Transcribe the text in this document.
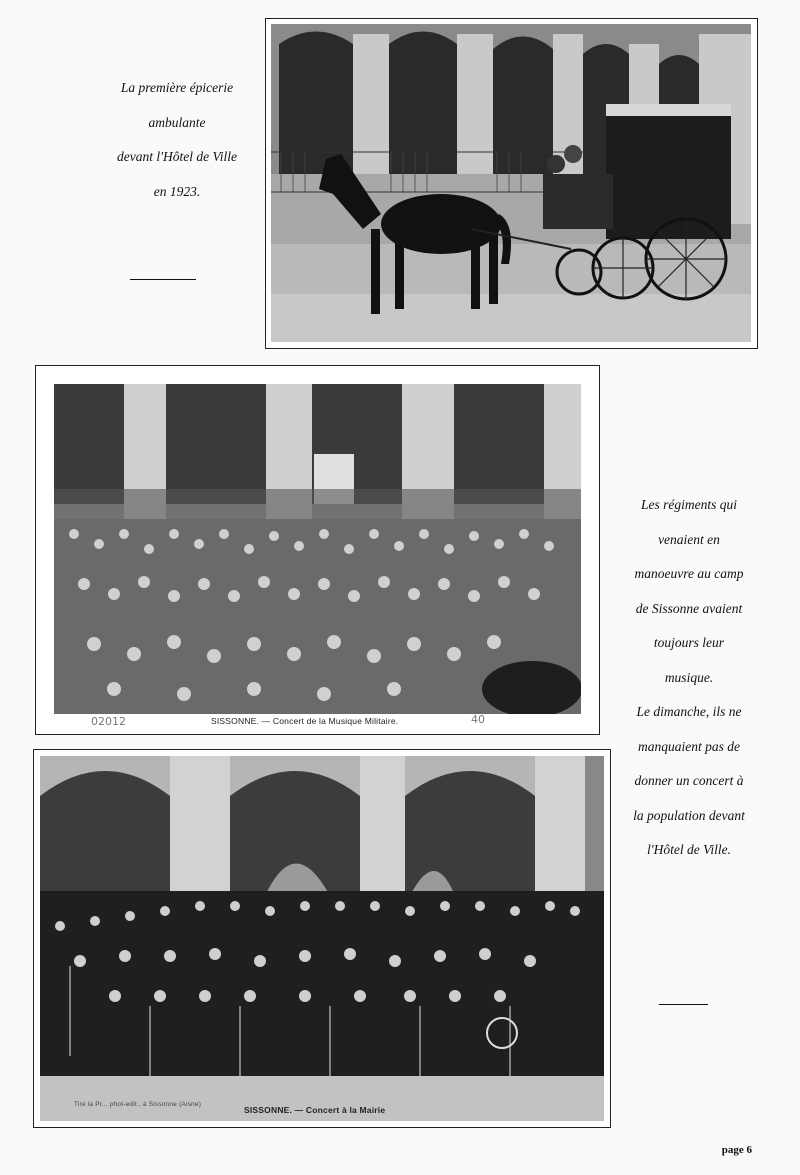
La première épicerie
ambulante
devant l'Hôtel de Ville
en 1923.
02012	SISSONNE. — Concert de la Musique Militaire.	40
Les régiments qui
venaient en
manoeuvre au camp
de Sissonne avaient
toujours leur
musique.
Le dimanche, ils ne
manquaient pas de
donner un concert à
la population devant
l'Hôtel de Ville.
Tiré la Pr... phot-edit., à Sissonne (Aisne)
SISSONNE. — Concert à la Mairie
page 6
